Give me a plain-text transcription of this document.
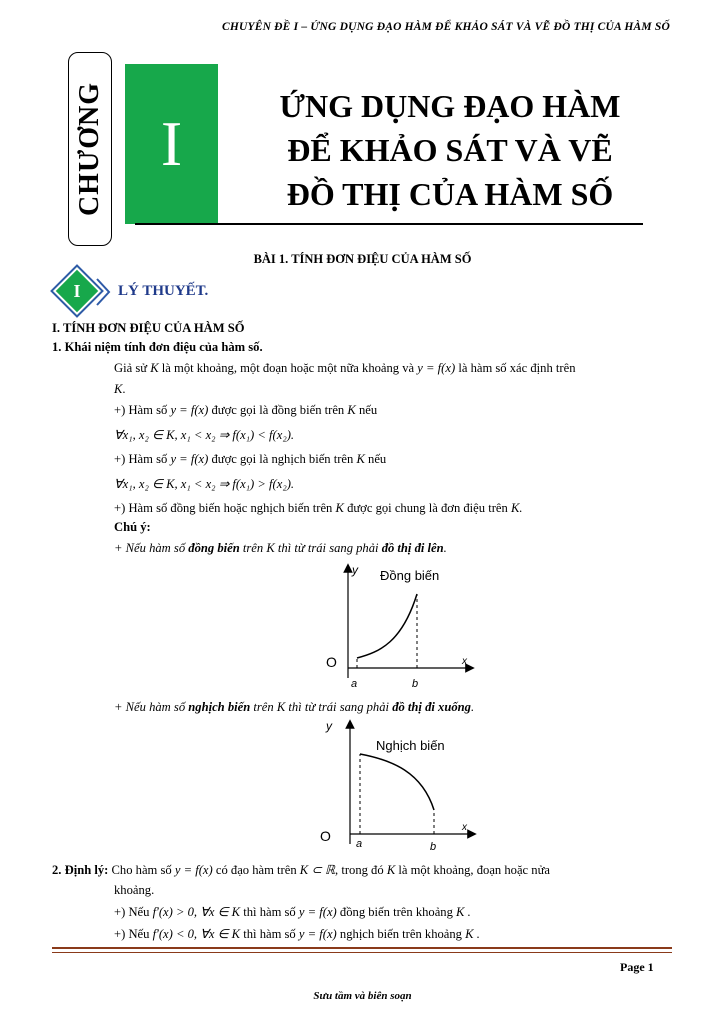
CHUYÊN ĐỀ I – ỨNG DỤNG ĐẠO HÀM ĐỂ KHẢO SÁT VÀ VẼ ĐỒ THỊ CỦA HÀM SỐ
CHƯƠNG I
ỨNG DỤNG ĐẠO HÀM
ĐỂ KHẢO SÁT VÀ VẼ
ĐỒ THỊ CỦA HÀM SỐ
BÀI 1. TÍNH ĐƠN ĐIỆU CỦA HÀM SỐ
I	LÝ THUYẾT.
I. TÍNH ĐƠN ĐIỆU CỦA HÀM SỐ
1. Khái niệm tính đơn điệu của hàm số.
Giả sử K là một khoảng, một đoạn hoặc một nữa khoảng và y = f(x) là hàm số xác định trên
K.
+) Hàm số y = f(x) được gọi là đồng biến trên K nếu
∀x₁, x₂ ∈ K, x₁ < x₂ ⇒ f(x₁) < f(x₂).
+) Hàm số y = f(x) được gọi là nghịch biến trên K nếu
∀x₁, x₂ ∈ K, x₁ < x₂ ⇒ f(x₁) > f(x₂).
+) Hàm số đồng biến hoặc nghịch biến trên K được gọi chung là đơn điệu trên K.
Chú ý:
+ Nếu hàm số đồng biến trên K thì từ trái sang phải đồ thị đi lên.
y
x
O
Đồng biến
a	b
+ Nếu hàm số nghịch biến trên K thì từ trái sang phải đồ thị đi xuống.
y
x
O
Nghịch biến
a	b
2. Định lý: Cho hàm số y = f(x) có đạo hàm trên K ⊂ ℝ, trong đó K là một khoảng, đoạn hoặc nửa
khoảng.
+) Nếu f′(x) > 0, ∀x ∈ K thì hàm số y = f(x) đồng biến trên khoảng K .
+) Nếu f′(x) < 0, ∀x ∈ K thì hàm số y = f(x) nghịch biến trên khoảng K .
Page 1
Sưu tầm và biên soạn
